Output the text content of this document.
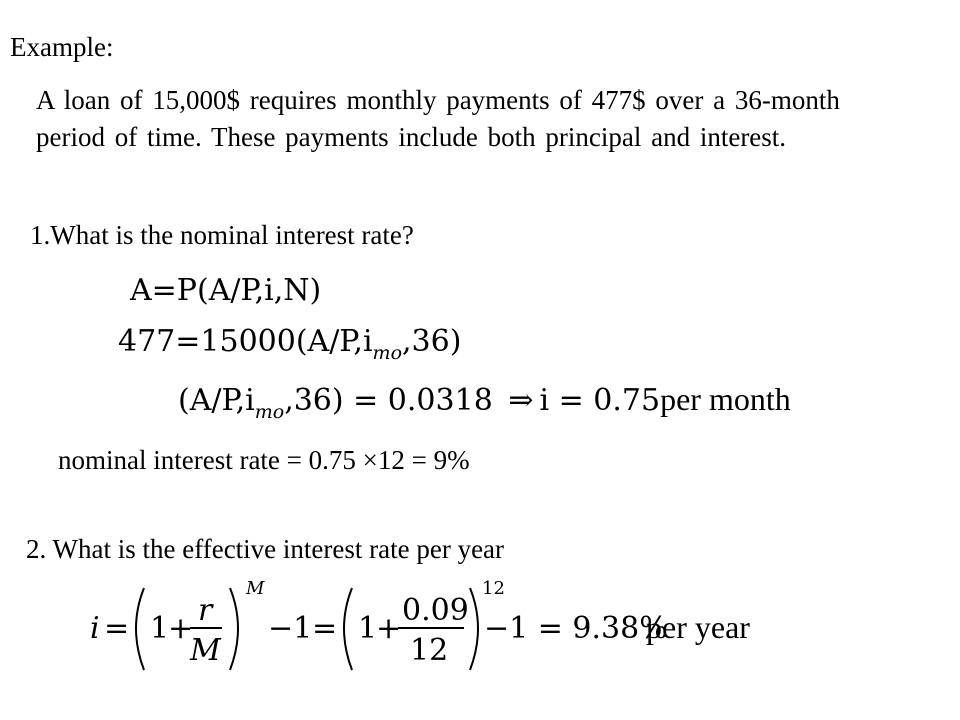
Example:
A loan of 15,000$ requires monthly payments of 477$ over a 36-month period of time. These payments include both principal and interest.
1.What is the nominal interest rate?
A=P(A/P,i,N)
$477=15000(A/P,i_{mo},36)$
$(A/P,i_{mo},36) = 0.0318$ ⇒ i = 0.75per month
nominal interest rate = 0.75 ×12 = 9%
2. What is the effective interest rate per year
i = 1
+
r
M
M
−1 = 1
+
0.09
12
12
−1 = 9.38%
per year
